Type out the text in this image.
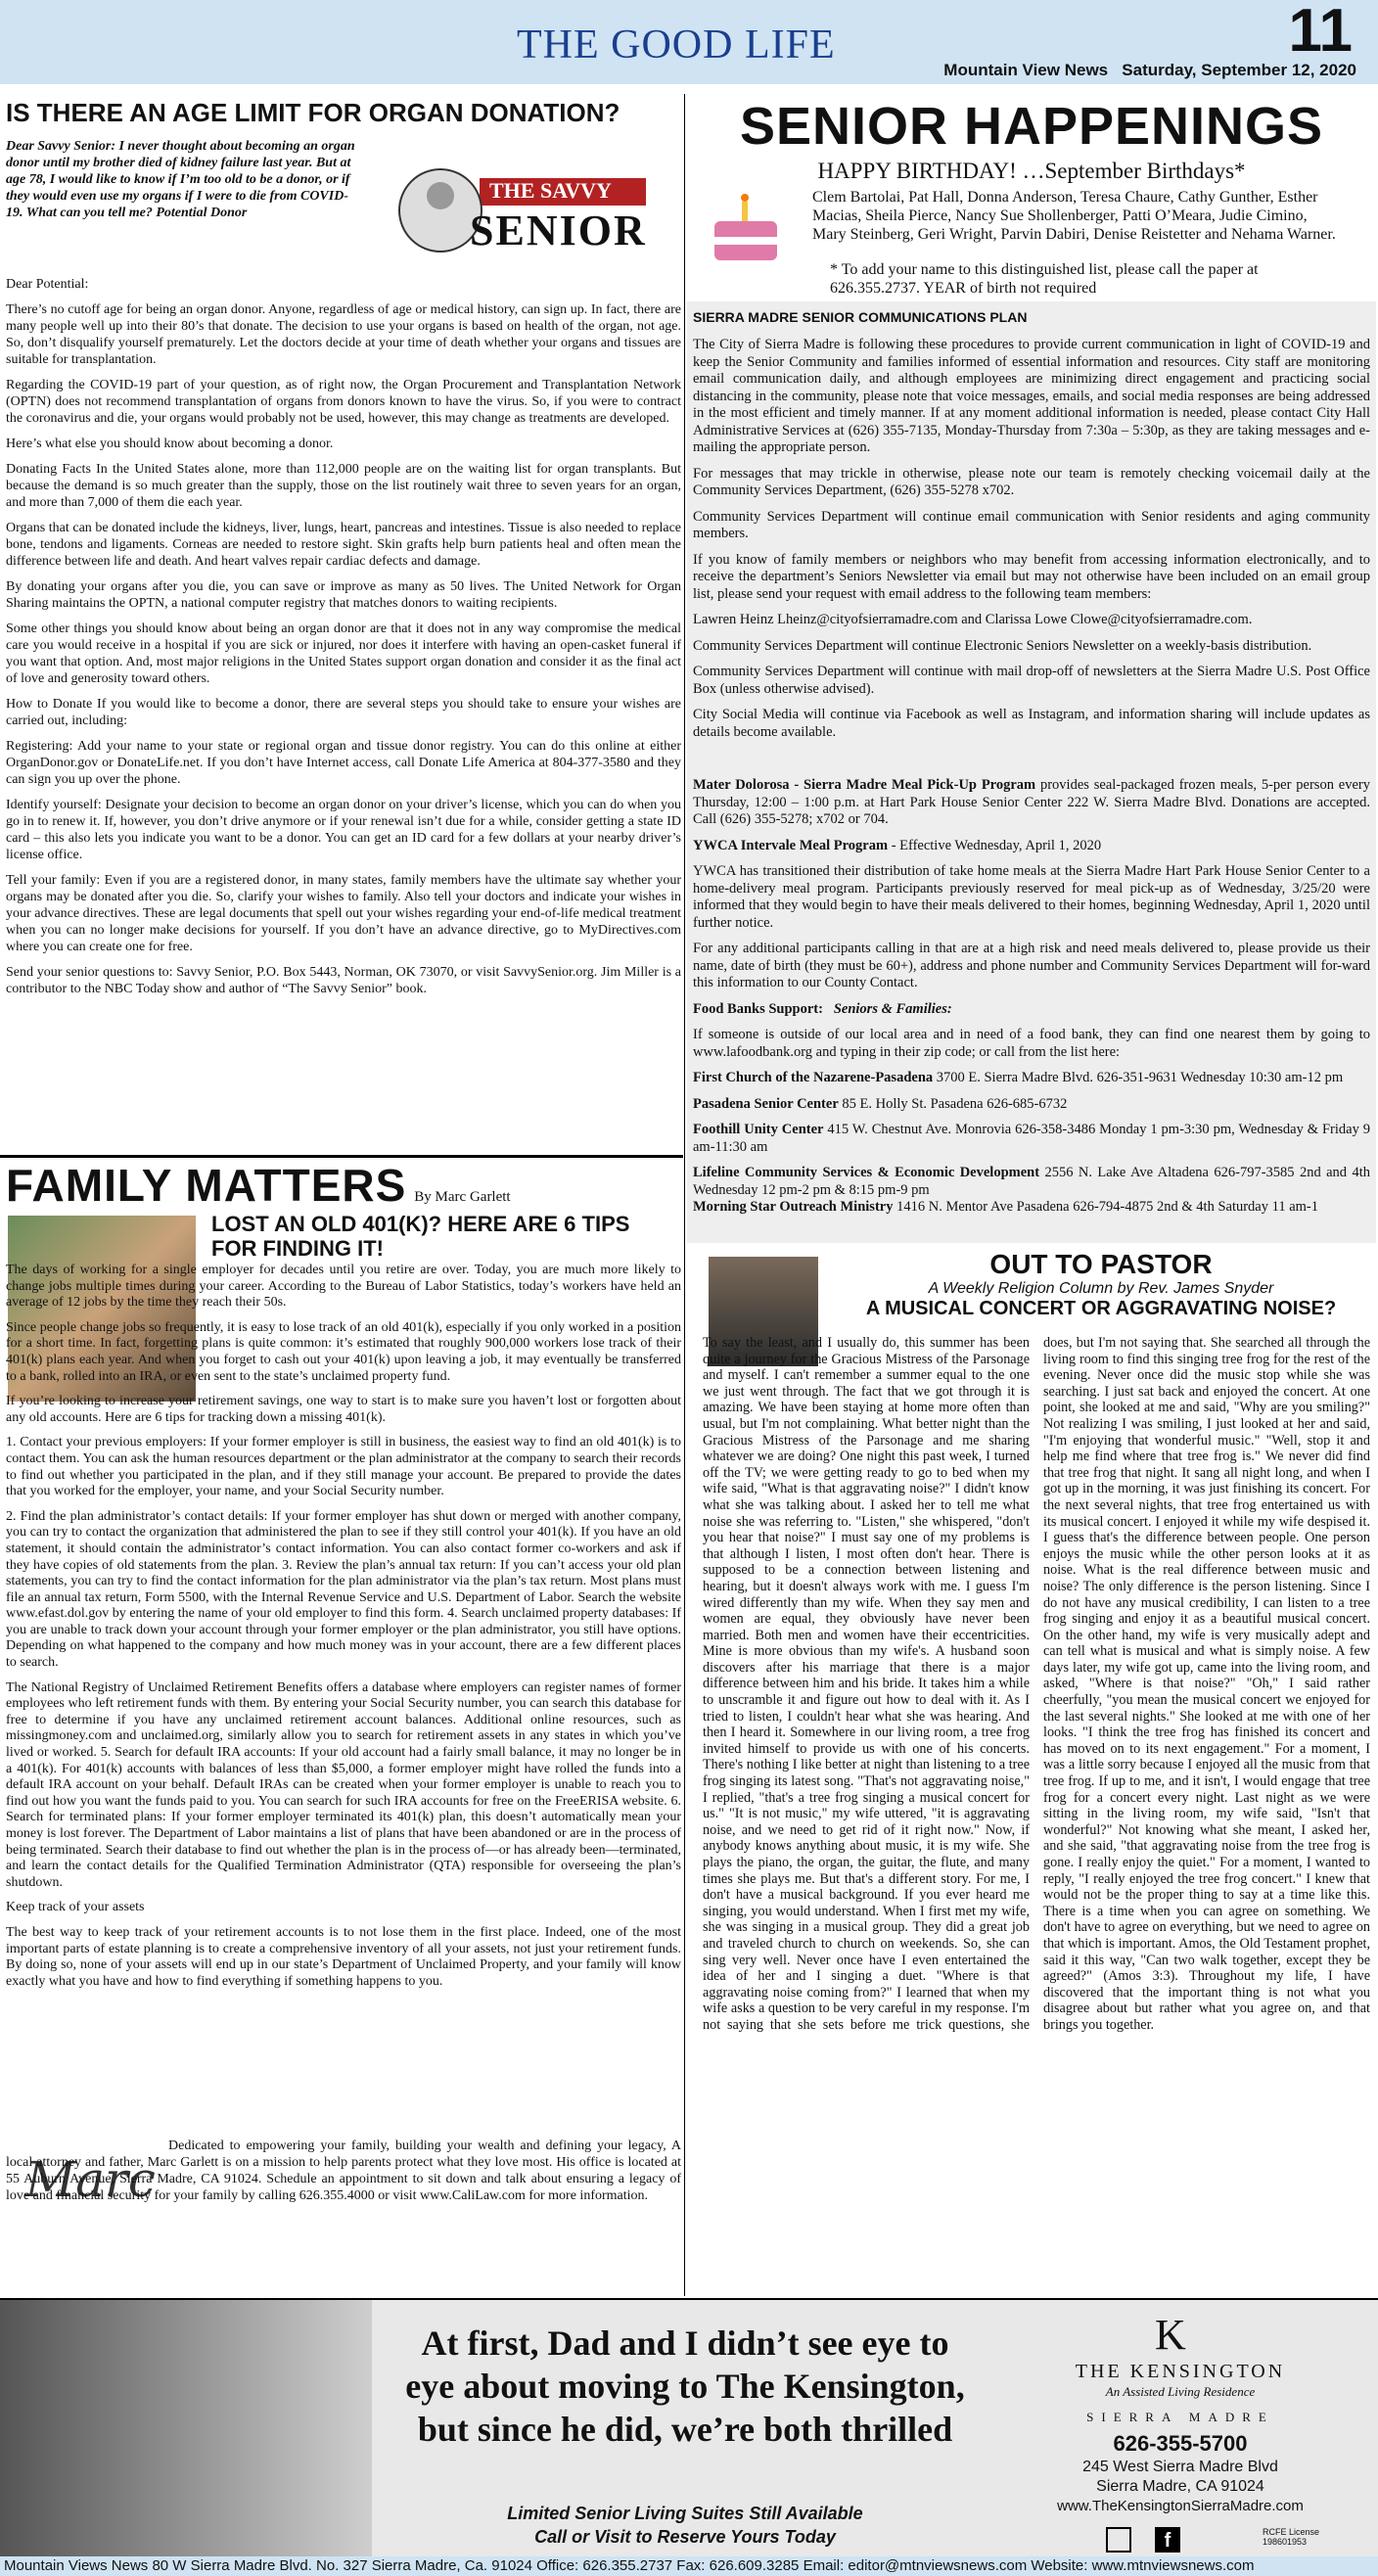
THE GOOD LIFE	11
Mountain View News Saturday, September 12, 2020
IS THERE AN AGE LIMIT FOR ORGAN DONATION?
Dear Savvy Senior: I never thought about becoming an organ donor until my brother died of kidney failure last year. But at age 78, I would like to know if I’m too old to be a donor, or if they would even use my organs if I were to die from COVID-19. What can you tell me? Potential Donor
THE SAVVY
SENIOR

Dear Potential:

There’s no cutoff age for being an organ donor. Anyone, regardless of age or medical history, can sign up. In fact, there are many people well up into their 80’s that donate. The decision to use your organs is based on health of the organ, not age. So, don’t disqualify yourself prematurely. Let the doctors decide at your time of death whether your organs and tissues are suitable for transplantation.

Regarding the COVID-19 part of your question, as of right now, the Organ Procurement and Transplantation Network (OPTN) does not recommend transplantation of organs from donors known to have the virus. So, if you were to contract the coronavirus and die, your organs would probably not be used, however, this may change as treatments are developed.

Here’s what else you should know about becoming a donor.

Donating Facts In the United States alone, more than 112,000 people are on the waiting list for organ transplants. But because the demand is so much greater than the supply, those on the list routinely wait three to seven years for an organ, and more than 7,000 of them die each year.

Organs that can be donated include the kidneys, liver, lungs, heart, pancreas and intestines. Tissue is also needed to replace bone, tendons and ligaments. Corneas are needed to restore sight. Skin grafts help burn patients heal and often mean the difference between life and death. And heart valves repair cardiac defects and damage.

By donating your organs after you die, you can save or improve as many as 50 lives. The United Network for Organ Sharing maintains the OPTN, a national computer registry that matches donors to waiting recipients.

Some other things you should know about being an organ donor are that it does not in any way compromise the medical care you would receive in a hospital if you are sick or injured, nor does it interfere with having an open-casket funeral if you want that option. And, most major religions in the United States support organ donation and consider it as the final act of love and generosity toward others.

How to Donate If you would like to become a donor, there are several steps you should take to ensure your wishes are carried out, including:

Registering: Add your name to your state or regional organ and tissue donor registry. You can do this online at either OrganDonor.gov or DonateLife.net. If you don’t have Internet access, call Donate Life America at 804-377-3580 and they can sign you up over the phone.

Identify yourself: Designate your decision to become an organ donor on your driver’s license, which you can do when you go in to renew it. If, however, you don’t drive anymore or if your renewal isn’t due for a while, consider getting a state ID card – this also lets you indicate you want to be a donor. You can get an ID card for a few dollars at your nearby driver’s license office.

Tell your family: Even if you are a registered donor, in many states, family members have the ultimate say whether your organs may be donated after you die. So, clarify your wishes to family. Also tell your doctors and indicate your wishes in your advance directives. These are legal documents that spell out your wishes regarding your end-of-life medical treatment when you can no longer make decisions for yourself. If you don’t have an advance directive, go to MyDirectives.com where you can create one for free.

Send your senior questions to: Savvy Senior, P.O. Box 5443, Norman, OK 73070, or visit SavvySenior.org. Jim Miller is a contributor to the NBC Today show and author of “The Savvy Senior” book.

FAMILY MATTERS By Marc Garlett
LOST AN OLD 401(K)? HERE ARE 6 TIPS FOR FINDING IT!

The days of working for a single employer for decades until you retire are over. Today, you are much more likely to change jobs multiple times during your career. According to the Bureau of Labor Statistics, today’s workers have held an average of 12 jobs by the time they reach their 50s.

Since people change jobs so frequently, it is easy to lose track of an old 401(k), especially if you only worked in a position for a short time. In fact, forgetting plans is quite common: it’s estimated that roughly 900,000 workers lose track of their 401(k) plans each year. And when you forget to cash out your 401(k) upon leaving a job, it may eventually be transferred to a bank, rolled into an IRA, or even sent to the state’s unclaimed property fund.

If you’re looking to increase your retirement savings, one way to start is to make sure you haven’t lost or forgotten about any old accounts. Here are 6 tips for tracking down a missing 401(k).

1. Contact your previous employers: If your former employer is still in business, the easiest way to find an old 401(k) is to contact them. You can ask the human resources department or the plan administrator at the company to search their records to find out whether you participated in the plan, and if they still manage your account. Be prepared to provide the dates that you worked for the employer, your name, and your Social Security number.

2. Find the plan administrator’s contact details: If your former employer has shut down or merged with another company, you can try to contact the organization that administered the plan to see if they still control your 401(k). If you have an old statement, it should contain the administrator’s contact information. You can also contact former co-workers and ask if they have copies of old statements from the plan. 3. Review the plan’s annual tax return: If you can’t access your old plan statements, you can try to find the contact information for the plan administrator via the plan’s tax return. Most plans must file an annual tax return, Form 5500, with the Internal Revenue Service and U.S. Department of Labor. Search the website www.efast.dol.gov by entering the name of your old employer to find this form. 4. Search unclaimed property databases: If you are unable to track down your account through your former employer or the plan administrator, you still have options. Depending on what happened to the company and how much money was in your account, there are a few different places to search.

The National Registry of Unclaimed Retirement Benefits offers a database where employers can register names of former employees who left retirement funds with them. By entering your Social Security number, you can search this database for free to determine if you have any unclaimed retirement account balances. Additional online resources, such as missingmoney.com and unclaimed.org, similarly allow you to search for retirement assets in any states in which you’ve lived or worked. 5. Search for default IRA accounts: If your old account had a fairly small balance, it may no longer be in a 401(k). For 401(k) accounts with balances of less than $5,000, a former employer might have rolled the funds into a default IRA account on your behalf. Default IRAs can be created when your former employer is unable to reach you to find out how you want the funds paid to you. You can search for such IRA accounts for free on the FreeERISA website. 6. Search for terminated plans: If your former employer terminated its 401(k) plan, this doesn’t automatically mean your money is lost forever. The Department of Labor maintains a list of plans that have been abandoned or are in the process of being terminated. Search their database to find out whether the plan is in the process of—or has already been—terminated, and learn the contact details for the Qualified Termination Administrator (QTA) responsible for overseeing the plan’s shutdown.

Keep track of your assets

The best way to keep track of your retirement accounts is to not lose them in the first place. Indeed, one of the most important parts of estate planning is to create a comprehensive inventory of all your assets, not just your retirement funds. By doing so, none of your assets will end up in our state’s Department of Unclaimed Property, and your family will know exactly what you have and how to find everything if something happens to you.

Marc
Dedicated to empowering your family, building your wealth and defining your legacy, A local attorney and father, Marc Garlett is on a mission to help parents protect what they love most. His office is located at 55 Auburn Avenue, Sierra Madre, CA 91024. Schedule an appointment to sit down and talk about ensuring a legacy of love and financial security for your family by calling 626.355.4000 or visit www.CaliLaw.com for more information.
SENIOR HAPPENINGS
HAPPY BIRTHDAY! …September Birthdays*
Clem Bartolai, Pat Hall, Donna Anderson, Teresa Chaure, Cathy Gunther, Esther Macias, Sheila Pierce, Nancy Sue Shollenberger, Patti O’Meara, Judie Cimino, Mary Steinberg, Geri Wright, Parvin Dabiri, Denise Reistetter and Nehama Warner.
* To add your name to this distinguished list, please call the paper at 626.355.2737. YEAR of birth not required
SIERRA MADRE SENIOR COMMUNICATIONS PLAN

The City of Sierra Madre is following these procedures to provide current communication in light of COVID-19 and keep the Senior Community and families informed of essential information and resources. City staff are monitoring email communication daily, and although employees are minimizing direct engagement and practicing social distancing in the community, please note that voice messages, emails, and social media responses are being addressed in the most efficient and timely manner. If at any moment additional information is needed, please contact City Hall Administrative Services at (626) 355-7135, Monday-Thursday from 7:30a – 5:30p, as they are taking messages and e-mailing the appropriate person.

For messages that may trickle in otherwise, please note our team is remotely checking voicemail daily at the Community Services Department, (626) 355-5278 x702.

Community Services Department will continue email communication with Senior residents and aging community members.

If you know of family members or neighbors who may benefit from accessing information electronically, and to receive the department’s Seniors Newsletter via email but may not otherwise have been included on an email group list, please send your request with email address to the following team members:

Lawren Heinz Lheinz@cityofsierramadre.com and Clarissa Lowe Clowe@cityofsierramadre.com.

Community Services Department will continue Electronic Seniors Newsletter on a weekly-basis distribution.

Community Services Department will continue with mail drop-off of newsletters at the Sierra Madre U.S. Post Office Box (unless otherwise advised).

City Social Media will continue via Facebook as well as Instagram, and information sharing will include updates as details become available.

Mater Dolorosa - Sierra Madre Meal Pick-Up Program provides seal-packaged frozen meals, 5-per person every Thursday, 12:00 – 1:00 p.m. at Hart Park House Senior Center 222 W. Sierra Madre Blvd. Donations are accepted. Call (626) 355-5278; x702 or 704.

YWCA Intervale Meal Program - Effective Wednesday, April 1, 2020

YWCA has transitioned their distribution of take home meals at the Sierra Madre Hart Park House Senior Center to a home-delivery meal program. Participants previously reserved for meal pick-up as of Wednesday, 3/25/20 were informed that they would begin to have their meals delivered to their homes, beginning Wednesday, April 1, 2020 until further notice.

For any additional participants calling in that are at a high risk and need meals delivered to, please provide us their name, date of birth (they must be 60+), address and phone number and Community Services Department will for-ward this information to our County Contact.

Food Banks Support: Seniors & Families:

If someone is outside of our local area and in need of a food bank, they can find one nearest them by going to www.lafoodbank.org and typing in their zip code; or call from the list here:

First Church of the Nazarene-Pasadena 3700 E. Sierra Madre Blvd. 626-351-9631 Wednesday 10:30 am-12 pm

Pasadena Senior Center 85 E. Holly St. Pasadena 626-685-6732

Foothill Unity Center 415 W. Chestnut Ave. Monrovia 626-358-3486 Monday 1 pm-3:30 pm, Wednesday & Friday 9 am-11:30 am

Lifeline Community Services & Economic Development 2556 N. Lake Ave Altadena 626-797-3585 2nd and 4th Wednesday 12 pm-2 pm & 8:15 pm-9 pm

Morning Star Outreach Ministry 1416 N. Mentor Ave Pasadena 626-794-4875 2nd & 4th Saturday 11 am-1

OUT TO PASTOR
A Weekly Religion Column by Rev. James Snyder
A MUSICAL CONCERT OR AGGRAVATING NOISE?
To say the least, and I usually do, this summer has been quite a journey for the Gracious Mistress of the Parsonage and myself. I can't remember a summer equal to the one we just went through. The fact that we got through it is amazing. We have been staying at home more often than usual, but I'm not complaining. What better night than the Gracious Mistress of the Parsonage and me sharing whatever we are doing? One night this past week, I turned off the TV; we were getting ready to go to bed when my wife said, "What is that aggravating noise?" I didn't know what she was talking about. I asked her to tell me what noise she was referring to. "Listen," she whispered, "don't you hear that noise?" I must say one of my problems is that although I listen, I most often don't hear. There is supposed to be a connection between listening and hearing, but it doesn't always work with me. I guess I'm wired differently than my wife. When they say men and women are equal, they obviously have never been married. Both men and women have their eccentricities. Mine is more obvious than my wife's. A husband soon discovers after his marriage that there is a major difference between him and his bride. It takes him a while to unscramble it and figure out how to deal with it. As I tried to listen, I couldn't hear what she was hearing. And then I heard it. Somewhere in our living room, a tree frog invited himself to provide us with one of his concerts. There's nothing I like better at night than listening to a tree frog singing its latest song. "That's not aggravating noise," I replied, "that's a tree frog singing a musical concert for us." "It is not music," my wife uttered, "it is aggravating noise, and we need to get rid of it right now." Now, if anybody knows anything about music, it is my wife. She plays the piano, the organ, the guitar, the flute, and many times she plays me. But that's a different story. For me, I don't have a musical background. If you ever heard me singing, you would understand. When I first met my wife, she was singing in a musical group. They did a great job and traveled church to church on weekends. So, she can sing very well. Never once have I even entertained the idea of her and I singing a duet. "Where is that aggravating noise coming from?" I learned that when my wife asks a question to be very careful in my response. I'm not saying that she sets before me trick questions, she does, but I'm not saying that. She searched all through the living room to find this singing tree frog for the rest of the evening. Never once did the music stop while she was searching. I just sat back and enjoyed the concert. At one point, she looked at me and said, "Why are you smiling?" Not realizing I was smiling, I just looked at her and said, "I'm enjoying that wonderful music." "Well, stop it and help me find where that tree frog is." We never did find that tree frog that night. It sang all night long, and when I got up in the morning, it was just finishing its concert. For the next several nights, that tree frog entertained us with its musical concert. I enjoyed it while my wife despised it. I guess that's the difference between people. One person enjoys the music while the other person looks at it as noise. What is the real difference between music and noise? The only difference is the person listening. Since I do not have any musical credibility, I can listen to a tree frog singing and enjoy it as a beautiful musical concert. On the other hand, my wife is very musically adept and can tell what is musical and what is simply noise. A few days later, my wife got up, came into the living room, and asked, "Where is that noise?" "Oh," I said rather cheerfully, "you mean the musical concert we enjoyed for the last several nights." She looked at me with one of her looks. "I think the tree frog has finished its concert and has moved on to its next engagement." For a moment, I was a little sorry because I enjoyed all the music from that tree frog. If up to me, and it isn't, I would engage that tree frog for a concert every night. Last night as we were sitting in the living room, my wife said, "Isn't that wonderful?" Not knowing what she meant, I asked her, and she said, "that aggravating noise from the tree frog is gone. I really enjoy the quiet." For a moment, I wanted to reply, "I really enjoyed the tree frog concert." I knew that would not be the proper thing to say at a time like this. There is a time when you can agree on something. We don't have to agree on everything, but we need to agree on that which is important. Amos, the Old Testament prophet, said it this way, "Can two walk together, except they be agreed?" (Amos 3:3). Throughout my life, I have discovered that the important thing is not what you disagree about but rather what you agree on, and that brings you together.
At first, Dad and I didn’t see eye to eye about moving to The Kensington, but since he did, we’re both thrilled
Limited Senior Living Suites Still Available
Call or Visit to Reserve Yours Today
K
THE KENSINGTON
An Assisted Living Residence
SIERRA MADRE
626-355-5700
245 West Sierra Madre Blvd
Sierra Madre, CA 91024
www.TheKensingtonSierraMadre.com
f	RCFE License 198601953
Mountain Views News 80 W Sierra Madre Blvd. No. 327 Sierra Madre, Ca. 91024 Office: 626.355.2737 Fax: 626.609.3285 Email: editor@mtnviewsnews.com Website: www.mtnviewsnews.com
